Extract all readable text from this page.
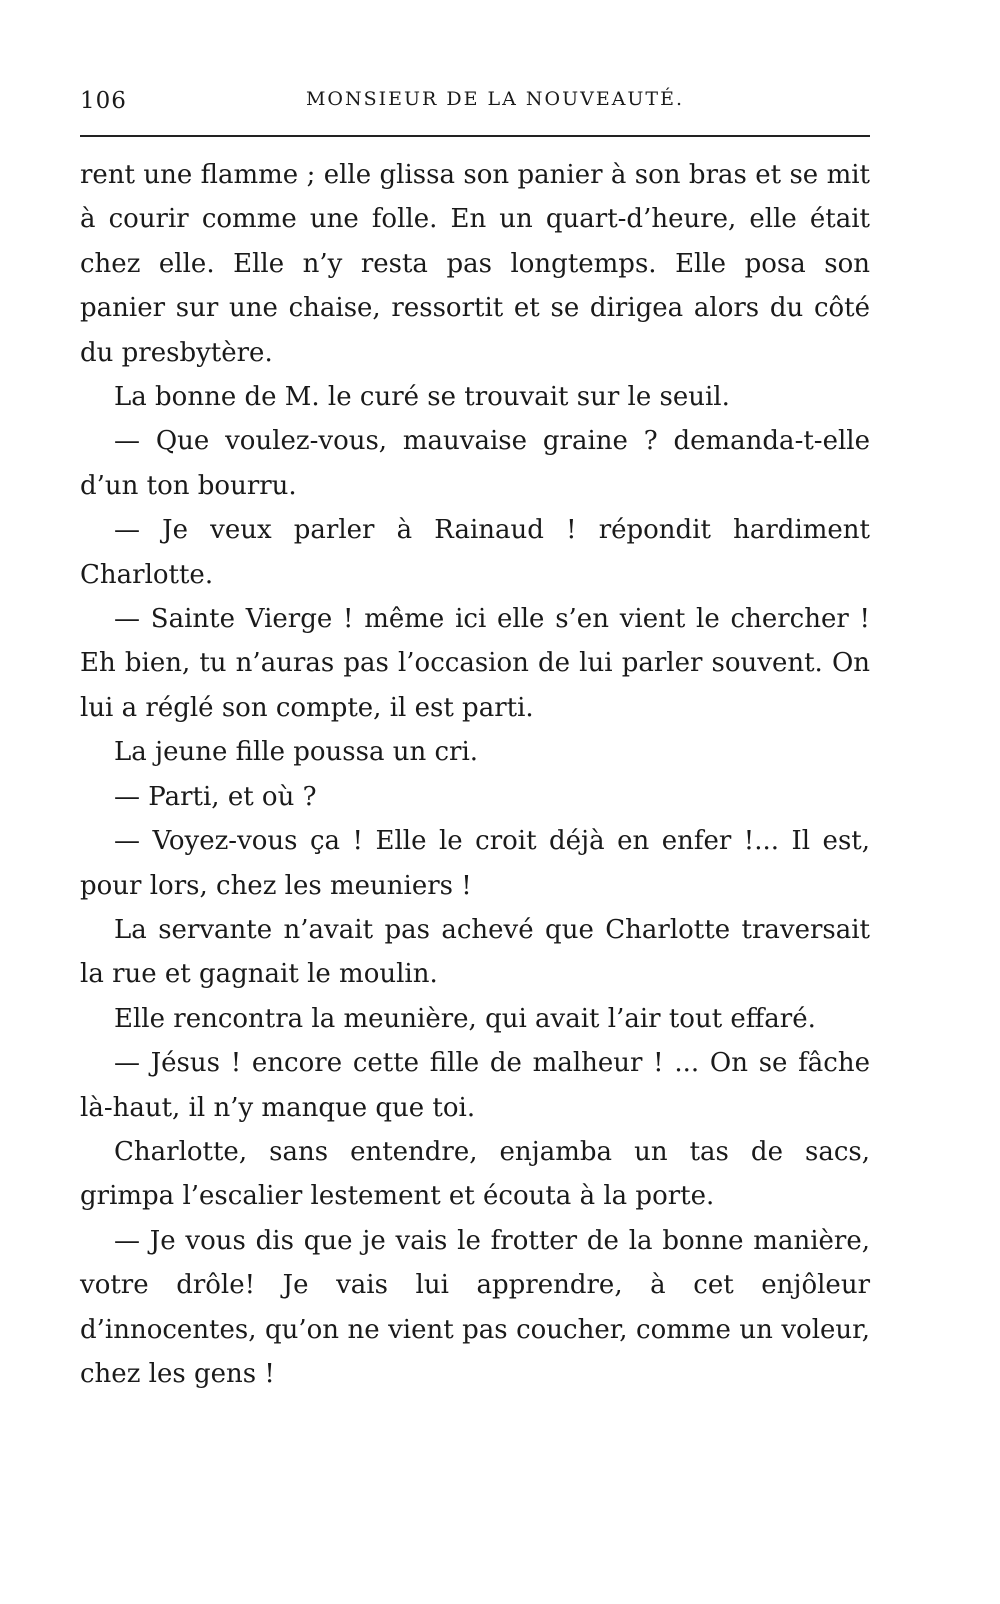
106	MONSIEUR DE LA NOUVEAUTÉ.

rent une flamme ; elle glissa son panier à son bras et se mit à courir comme une folle. En un quart-d’heure, elle était chez elle. Elle n’y resta pas longtemps. Elle posa son panier sur une chaise, ressortit et se dirigea alors du côté du presbytère.

La bonne de M. le curé se trouvait sur le seuil.

— Que voulez-vous, mauvaise graine ? demanda-t-elle d’un ton bourru.

— Je veux parler à Rainaud ! répondit hardiment Charlotte.

— Sainte Vierge ! même ici elle s’en vient le chercher ! Eh bien, tu n’auras pas l’occasion de lui parler souvent. On lui a réglé son compte, il est parti.

La jeune fille poussa un cri.

— Parti, et où ?

— Voyez-vous ça ! Elle le croit déjà en enfer !... Il est, pour lors, chez les meuniers !

La servante n’avait pas achevé que Charlotte traversait la rue et gagnait le moulin.

Elle rencontra la meunière, qui avait l’air tout effaré.

— Jésus ! encore cette fille de malheur ! ... On se fâche là-haut, il n’y manque que toi.

Charlotte, sans entendre, enjamba un tas de sacs, grimpa l’escalier lestement et écouta à la porte.

— Je vous dis que je vais le frotter de la bonne manière, votre drôle! Je vais lui apprendre, à cet enjôleur d’innocentes, qu’on ne vient pas coucher, comme un voleur, chez les gens !
